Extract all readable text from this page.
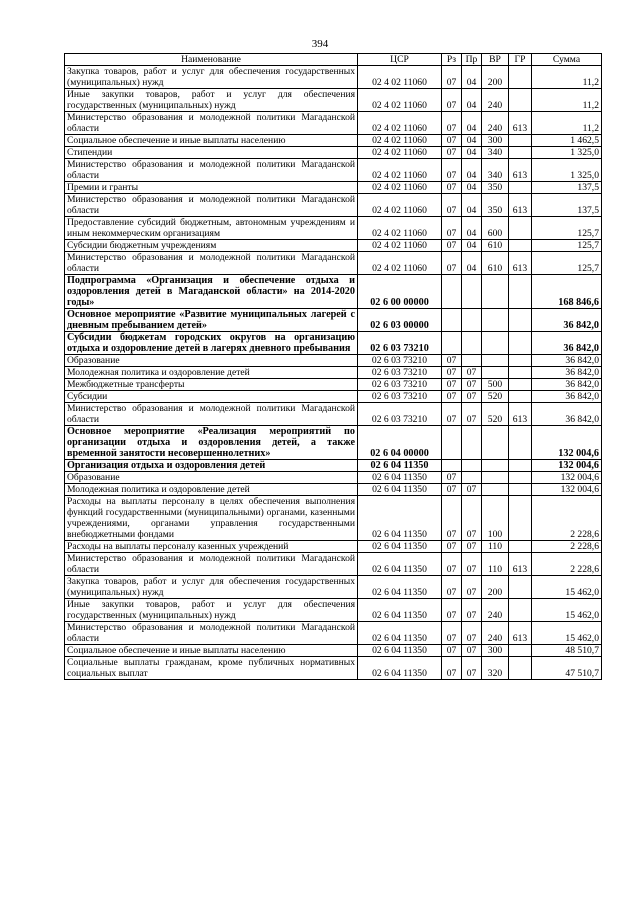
394
Наименование	ЦСР	Рз	Пр	ВР	ГР	Сумма
Закупка товаров, работ и услуг для обеспечения государственных (муниципальных) нужд	02 4 02 11060	07	04	200		11,2
Иные закупки товаров, работ и услуг для обеспечения государственных (муниципальных) нужд	02 4 02 11060	07	04	240		11,2
Министерство образования и молодежной политики Магаданской области	02 4 02 11060	07	04	240	613	11,2
Социальное обеспечение и иные выплаты населению	02 4 02 11060	07	04	300		1 462,5
Стипендии	02 4 02 11060	07	04	340		1 325,0
Министерство образования и молодежной политики Магаданской области	02 4 02 11060	07	04	340	613	1 325,0
Премии и гранты	02 4 02 11060	07	04	350		137,5
Министерство образования и молодежной политики Магаданской области	02 4 02 11060	07	04	350	613	137,5
Предоставление субсидий бюджетным, автономным учреждениям и иным некоммерческим организациям	02 4 02 11060	07	04	600		125,7
Субсидии бюджетным учреждениям	02 4 02 11060	07	04	610		125,7
Министерство образования и молодежной политики Магаданской области	02 4 02 11060	07	04	610	613	125,7
Подпрограмма «Организация и обеспечение отдыха и оздоровления детей в Магаданской области» на 2014-2020 годы»	02 6 00 00000					168 846,6
Основное мероприятие «Развитие муниципальных лагерей с дневным пребыванием детей»	02 6 03 00000					36 842,0
Субсидии бюджетам городских округов на организацию отдыха и оздоровление детей в лагерях дневного пребывания	02 6 03 73210					36 842,0
Образование	02 6 03 73210	07				36 842,0
Молодежная политика и оздоровление детей	02 6 03 73210	07	07			36 842,0
Межбюджетные трансферты	02 6 03 73210	07	07	500		36 842,0
Субсидии	02 6 03 73210	07	07	520		36 842,0
Министерство образования и молодежной политики Магаданской области	02 6 03 73210	07	07	520	613	36 842,0
Основное мероприятие «Реализация мероприятий по организации отдыха и оздоровления детей, а также временной занятости несовершеннолетних»	02 6 04 00000					132 004,6
Организация отдыха и оздоровления детей	02 6 04 11350					132 004,6
Образование	02 6 04 11350	07				132 004,6
Молодежная политика и оздоровление детей	02 6 04 11350	07	07			132 004,6
Расходы на выплаты персоналу в целях обеспечения выполнения функций государственными (муниципальными) органами, казенными учреждениями, органами управления государственными внебюджетными фондами	02 6 04 11350	07	07	100		2 228,6
Расходы на выплаты персоналу казенных учреждений	02 6 04 11350	07	07	110		2 228,6
Министерство образования и молодежной политики Магаданской области	02 6 04 11350	07	07	110	613	2 228,6
Закупка товаров, работ и услуг для обеспечения государственных (муниципальных) нужд	02 6 04 11350	07	07	200		15 462,0
Иные закупки товаров, работ и услуг для обеспечения государственных (муниципальных) нужд	02 6 04 11350	07	07	240		15 462,0
Министерство образования и молодежной политики Магаданской области	02 6 04 11350	07	07	240	613	15 462,0
Социальное обеспечение и иные выплаты населению	02 6 04 11350	07	07	300		48 510,7
Социальные выплаты гражданам, кроме публичных нормативных социальных выплат	02 6 04 11350	07	07	320		47 510,7
